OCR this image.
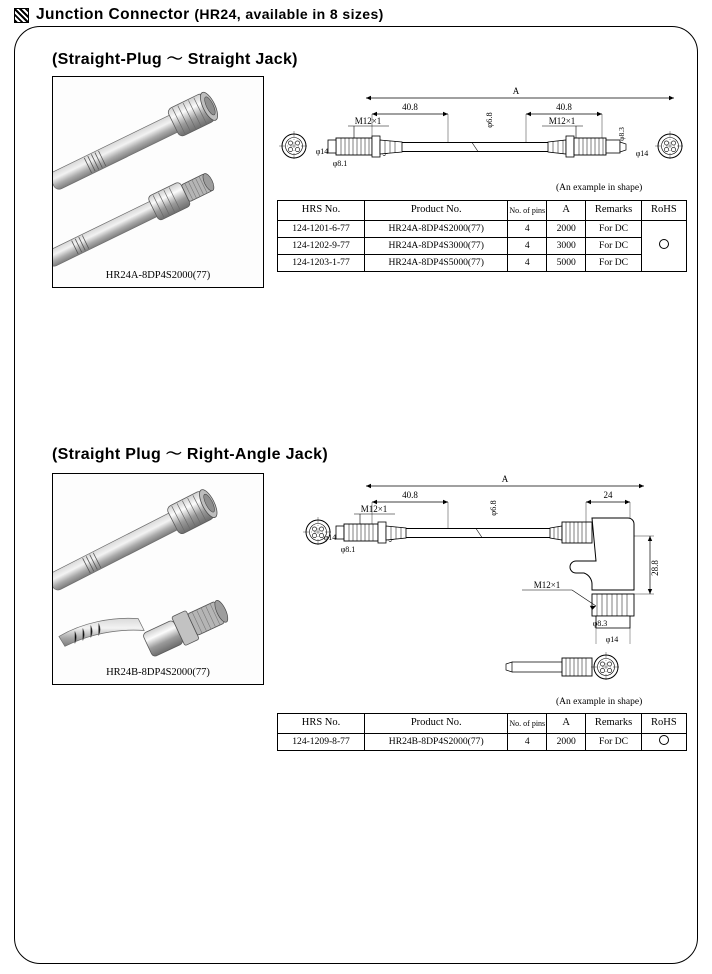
Junction Connector (HR24, available in 8 sizes)
(Straight-Plug 〜 Straight Jack)
HR24A-8DP4S2000(77)
A
40.8	40.8
φ6.8
M12×1
φ14
φ8.1
M12×1
φ8.3
φ14
(An example in shape)
HRS No.	Product No.	No. of pins	A	Remarks	RoHS
124-1201-6-77	HR24A-8DP4S2000(77)	4	2000	For DC	
124-1202-9-77	HR24A-8DP4S3000(77)	4	3000	For DC	
124-1203-1-77	HR24A-8DP4S5000(77)	4	5000	For DC	
(Straight Plug 〜 Right-Angle Jack)
HR24B-8DP4S2000(77)
A
40.8	24
φ6.8
M12×1
φ14
φ8.1
28.8
M12×1
φ8.3
φ14
(An example in shape)
HRS No.	Product No.	No. of pins	A	Remarks	RoHS
124-1209-8-77	HR24B-8DP4S2000(77)	4	2000	For DC	
